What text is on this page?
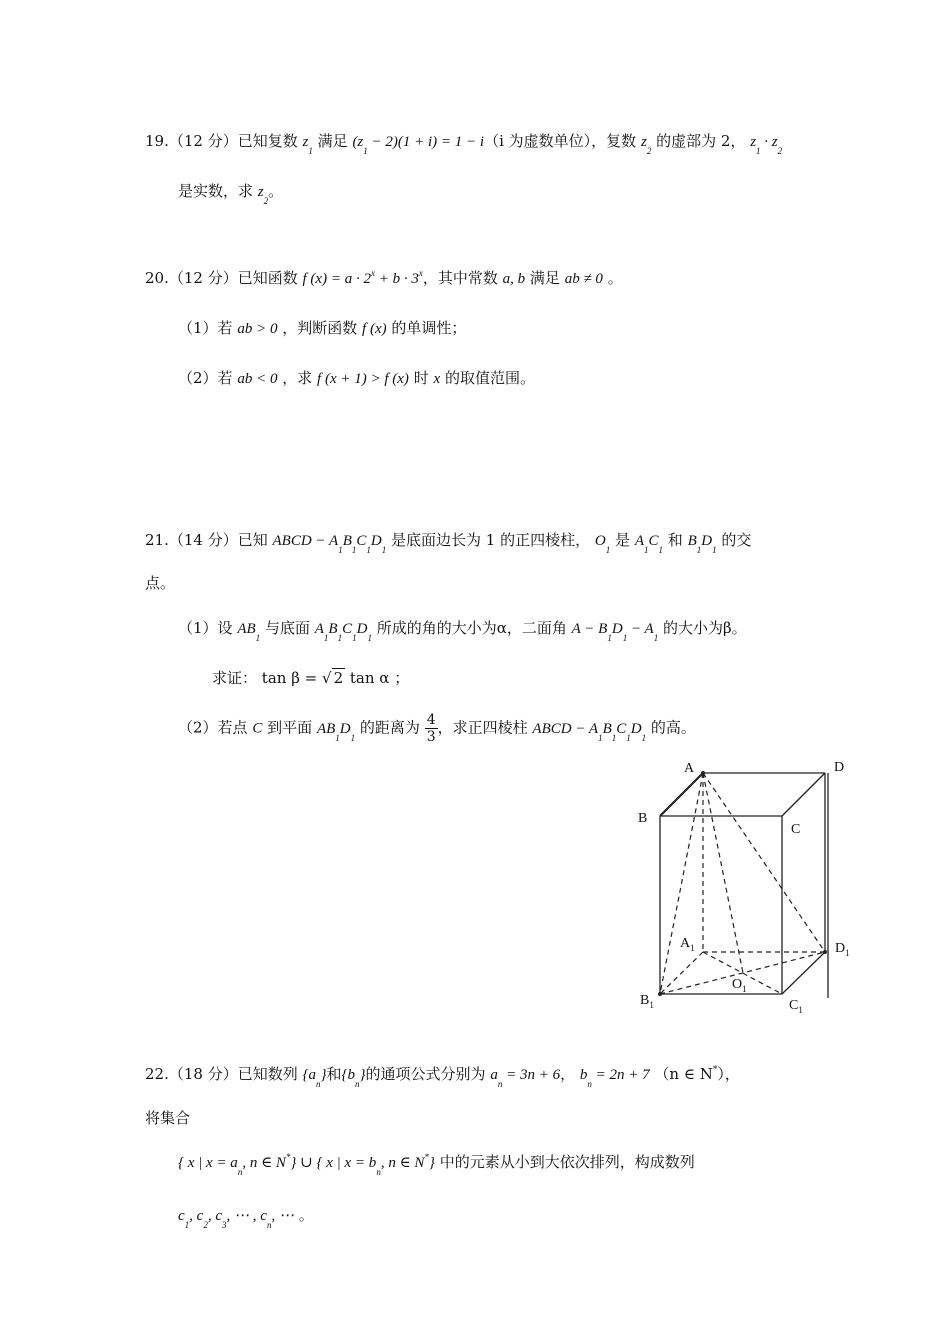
19.（12 分）已知复数 $z_1$ 满足 $(z_1 - 2)(1 + i) = 1 - i(i$ 为虚数单位），复数 $z_2$ 的虚部为 2， $z_1 \cdot z_2$
是实数，求 $z_2$。
20.（12 分）已知函数 f $(x) = a \cdot 2^x + b \cdot 3^x$，其中常数 a, b 满足 ab ≠ 0 。
（1）若 ab > 0 ，判断函数 f (x) 的单调性；
（2）若 ab < 0 ，求 f (x + 1) > f (x) 时 x 的取值范围。
21.（14 分）已知 ABCD − $A_1B_1C_1D_1$ 是底面边长为 1 的正四棱柱， $O_1$ 是 $A_1C_1$ 和 $B_1D_1$ 的交
点。
（1）设 $AB_1$ 与底面 $A_1B_1C_1D_1$ 所成的角的大小为α，二面角 $A - B_1D_1 - A_1$ 的大小为β。
求证： tan β = √ 2 tan α ；
（2）若点 C 到平面 $AB_1D_1$ 的距离为 $\frac{4}{3}$ ，求正四棱柱 ABCD − $A_1B_1C_1D_1$ 的高。
A	D
B
C
$A_1$	$D_1$
$O_1$
$B_1$	$C_1$
22.（18 分）已知数列 $\{a_n\}$和$\{b_n\}$的通项公式分别为 $a_n = 3n + 6$， $b_n = 2n + 7$ （n ∈ N*），
将集合
{ x | $x = a_n$, n ∈ N*} ∪ { x | $x = b_n$, n ∈ N*} 中的元素从小到大依次排列，构成数列
$c_1$, $c_2$, $c_3$, ⋯ , $c_n$, ⋯ 。
